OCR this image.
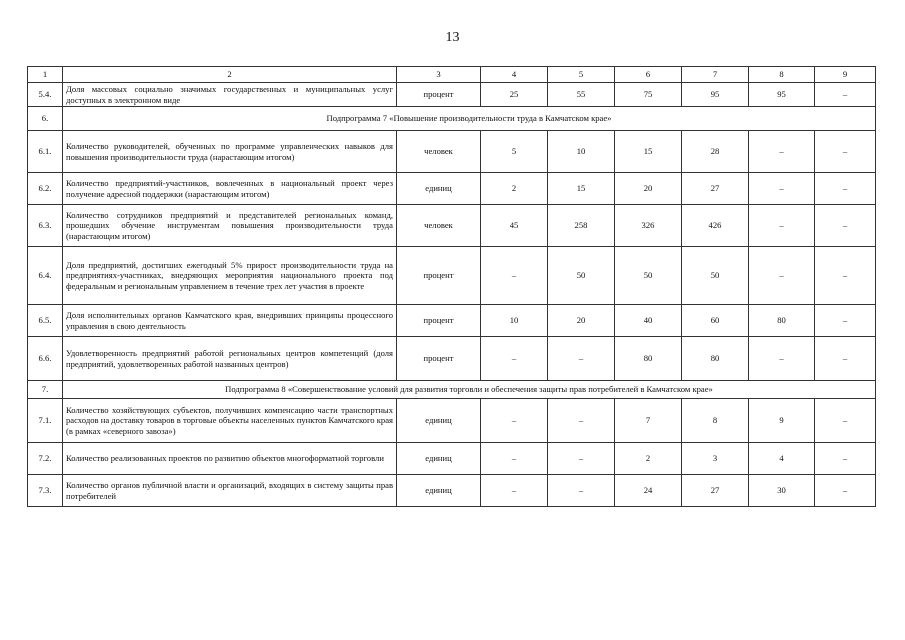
13
1	2	3	4	5	6	7	8	9
5.4.	Доля массовых социально значимых государственных и муниципальных услуг доступных в электронном виде	процент	25	55	75	95	95	–
6.	Подпрограмма 7 «Повышение производительности труда в Камчатском крае»							
6.1.	Количество руководителей, обученных по программе управленческих навыков для повышения производительности труда (нарастающим итогом)	человек	5	10	15	28	–	–
6.2.	Количество предприятий-участников, вовлеченных в национальный проект через получение адресной поддержки (нарастающим итогом)	единиц	2	15	20	27	–	–
6.3.	Количество сотрудников предприятий и представителей региональных команд, прошедших обучение инструментам повышения производительности труда (нарастающим итогом)	человек	45	258	326	426	–	–
6.4.	Доля предприятий, достигших ежегодный 5% прирост производительности труда на предприятиях-участниках, внедряющих мероприятия национального проекта под федеральным и региональным управлением в течение трех лет участия в проекте	процент	–	50	50	50	–	–
6.5.	Доля исполнительных органов Камчатского края, внедривших принципы процессного управления в свою деятельность	процент	10	20	40	60	80	–
6.6.	Удовлетворенность предприятий работой региональных центров компетенций (доля предприятий, удовлетворенных работой названных центров)	процент	–	–	80	80	–	–
7.	Подпрограмма 8 «Совершенствование условий для развития торговли и обеспечения защиты прав потребителей в Камчатском крае»							
7.1.	Количество хозяйствующих субъектов, получивших компенсацию части транспортных расходов на доставку товаров в торговые объекты населенных пунктов Камчатского края (в рамках «северного завоза»)	единиц	–	–	7	8	9	–
7.2.	Количество реализованных проектов по развитию объектов многоформатной торговли	единиц	–	–	2	3	4	–
7.3.	Количество органов публичной власти и организаций, входящих в систему защиты прав потребителей	единиц	–	–	24	27	30	–
